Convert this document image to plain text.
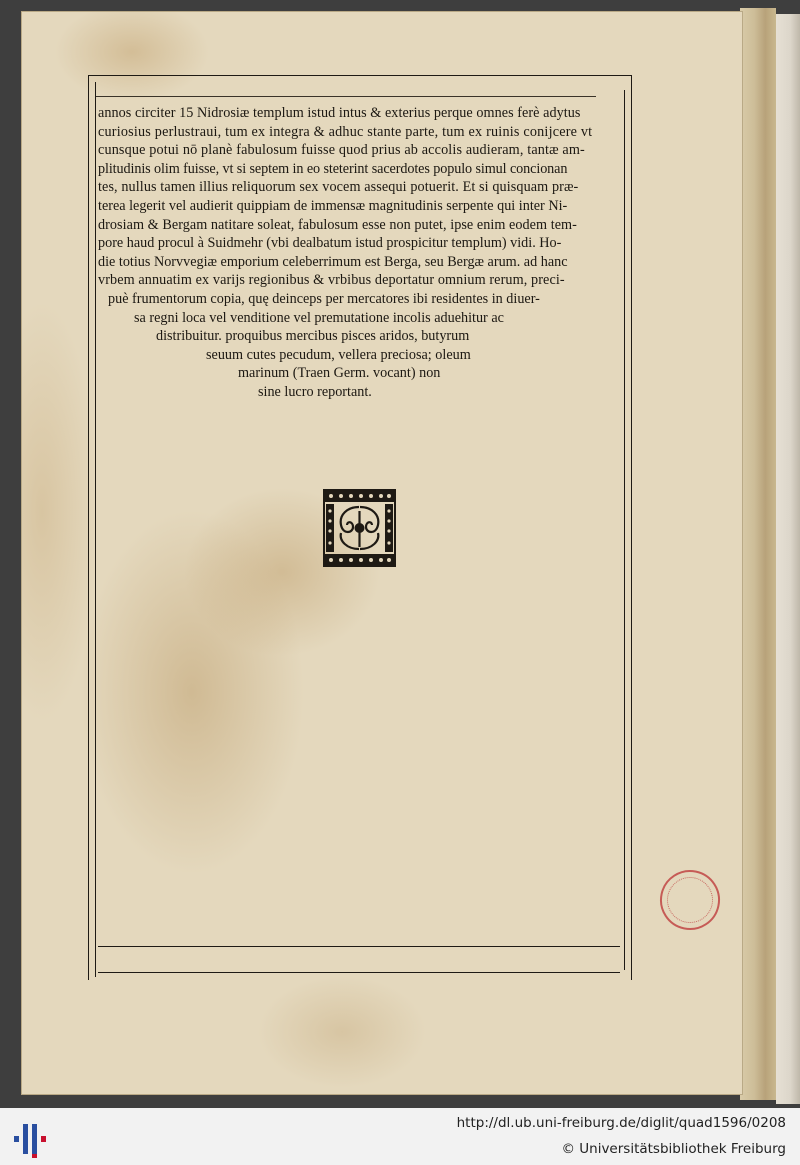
annos circiter 15 Nidrosiæ templum istud intus & exterius perque omnes ferè adytus
curiosius perlustraui, tum ex integra & adhuc stante parte, tum ex ruinis conijcere vt
cunsque potui nō planè fabulosum fuisse quod prius ab accolis audieram, tantæ am-
plitudinis olim fuisse, vt si septem in eo steterint sacerdotes populo simul concionan
tes, nullus tamen illius reliquorum sex vocem assequi potuerit. Et si quisquam præ-
terea legerit vel audierit quippiam de immensæ magnitudinis serpente qui inter Ni-
drosiam & Bergam natitare soleat, fabulosum esse non putet, ipse enim eodem tem-
pore haud procul à Suidmehr (vbi dealbatum istud prospicitur templum) vidi. Ho-
die totius Norvvegiæ emporium celeberrimum est Berga, seu Bergæ arum. ad hanc
vrbem annuatim ex varijs regionibus & vrbibus deportatur omnium rerum, preci-
puè frumentorum copia, quę deinceps per mercatores ibi residentes in diuer-
sa regni loca vel venditione vel premutatione incolis aduehitur ac
distribuitur. proquibus mercibus pisces aridos, butyrum
seuum cutes pecudum, vellera preciosa; oleum
marinum (Traen Germ. vocant) non
sine lucro reportant.
http://dl.ub.uni-freiburg.de/diglit/quad1596/0208
© Universitätsbibliothek Freiburg
